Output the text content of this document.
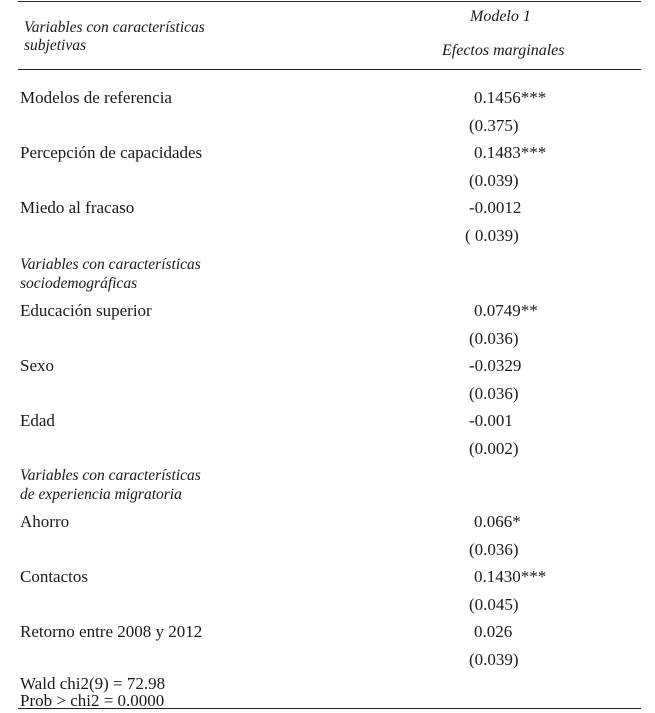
Variables con características
subjetivas
Modelo 1
Efectos marginales
Modelos de referencia	0.1456***
(0.375)
Percepción de capacidades	0.1483***
(0.039)
Miedo al fracaso	-0.0012
( 0.039)
Variables con características
sociodemográficas
Educación superior	0.0749**
(0.036)
Sexo	-0.0329
(0.036)
Edad	-0.001
(0.002)
Variables con características
de experiencia migratoria
Ahorro	0.066*
(0.036)
Contactos	0.1430***
(0.045)
Retorno entre 2008 y 2012	0.026
(0.039)
Wald chi2(9) = 72.98
Prob > chi2 = 0.0000
